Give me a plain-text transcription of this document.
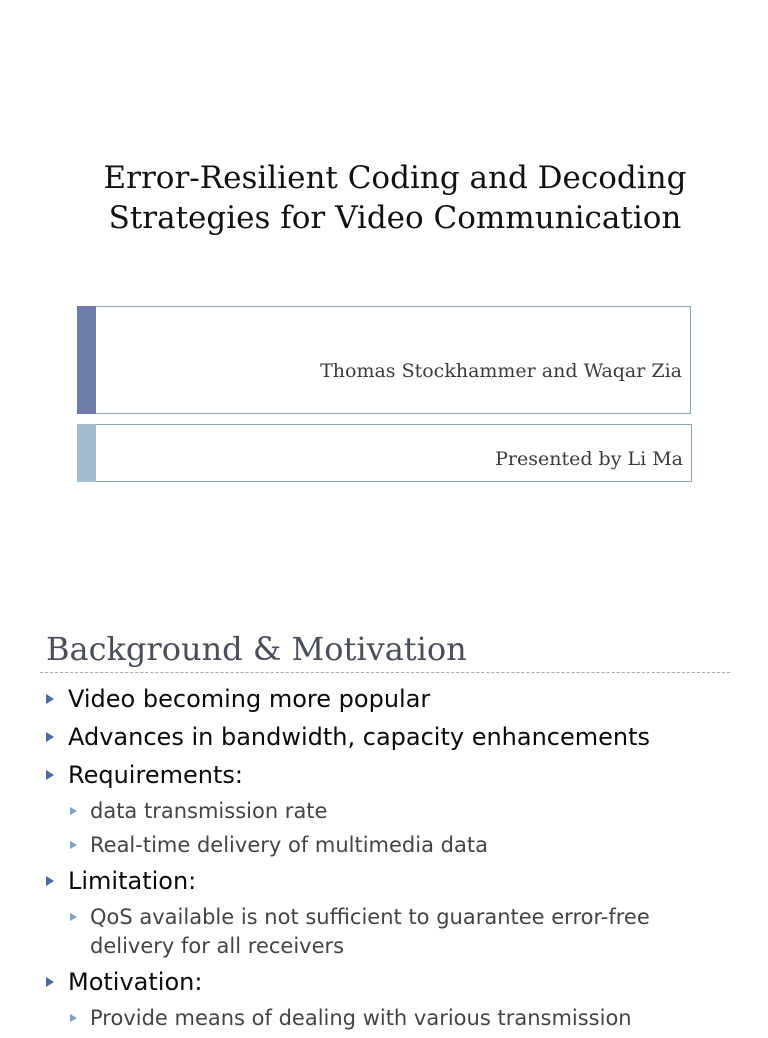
Error-Resilient Coding and Decoding
Strategies for Video Communication
Thomas Stockhammer and Waqar Zia
Presented by Li Ma
Background & Motivation
Video becoming more popular
Advances in bandwidth, capacity enhancements
Requirements:
data transmission rate
Real-time delivery of multimedia data
Limitation:
QoS available is not sufficient to guarantee error-free delivery for all receivers
Motivation:
Provide means of dealing with various transmission
